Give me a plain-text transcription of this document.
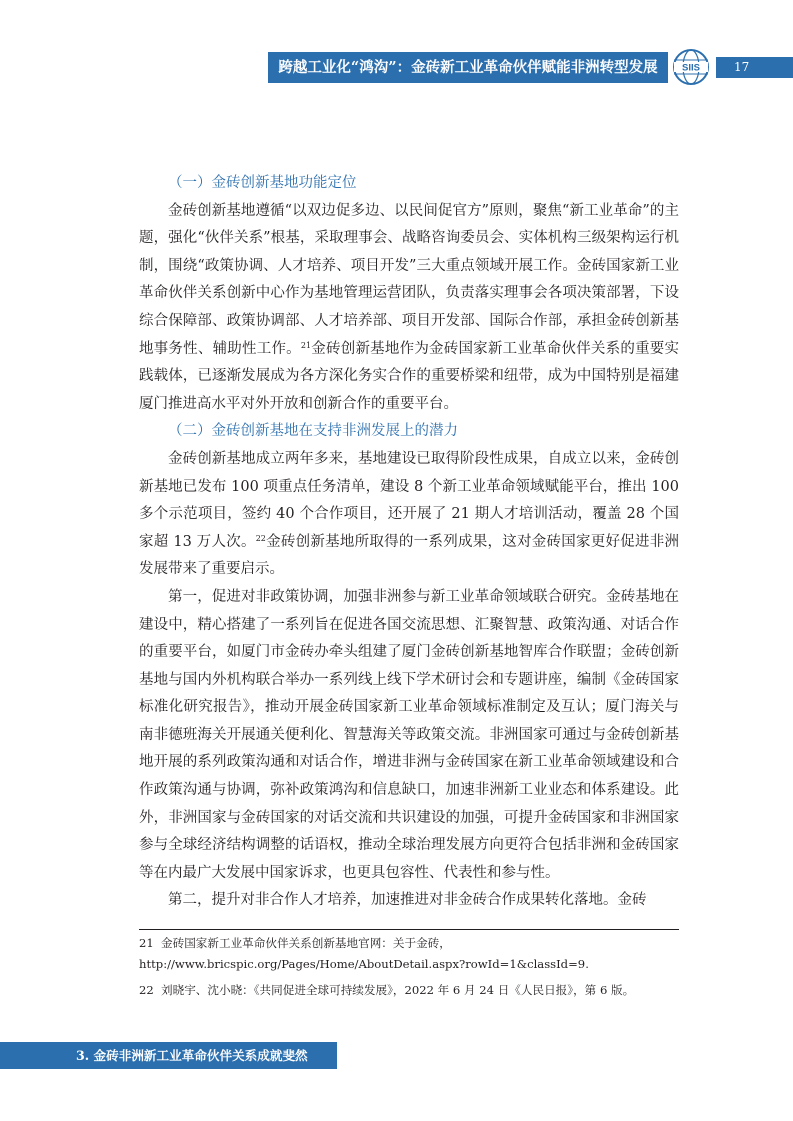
跨越工业化“鸿沟”：金砖新工业革命伙伴赋能非洲转型发展	SIIS	17

（一）金砖创新基地功能定位

金砖创新基地遵循“以双边促多边、以民间促官方”原则，聚焦“新工业革命”的主题，强化“伙伴关系”根基，采取理事会、战略咨询委员会、实体机构三级架构运行机制，围绕“政策协调、人才培养、项目开发”三大重点领域开展工作。金砖国家新工业革命伙伴关系创新中心作为基地管理运营团队，负责落实理事会各项决策部署，下设综合保障部、政策协调部、人才培养部、项目开发部、国际合作部，承担金砖创新基地事务性、辅助性工作。$^{21}$金砖创新基地作为金砖国家新工业革命伙伴关系的重要实践载体，已逐渐发展成为各方深化务实合作的重要桥梁和纽带，成为中国特别是福建厦门推进高水平对外开放和创新合作的重要平台。

（二）金砖创新基地在支持非洲发展上的潜力

金砖创新基地成立两年多来，基地建设已取得阶段性成果，自成立以来，金砖创新基地已发布 100 项重点任务清单，建设 8 个新工业革命领域赋能平台，推出 100 多个示范项目，签约 40 个合作项目，还开展了 21 期人才培训活动，覆盖 28 个国家超 13 万人次。$^{22}$金砖创新基地所取得的一系列成果，这对金砖国家更好促进非洲发展带来了重要启示。

第一，促进对非政策协调，加强非洲参与新工业革命领域联合研究。金砖基地在建设中，精心搭建了一系列旨在促进各国交流思想、汇聚智慧、政策沟通、对话合作的重要平台，如厦门市金砖办牵头组建了厦门金砖创新基地智库合作联盟；金砖创新基地与国内外机构联合举办一系列线上线下学术研讨会和专题讲座，编制《金砖国家标准化研究报告》，推动开展金砖国家新工业革命领域标准制定及互认；厦门海关与南非德班海关开展通关便利化、智慧海关等政策交流。非洲国家可通过与金砖创新基地开展的系列政策沟通和对话合作，增进非洲与金砖国家在新工业革命领域建设和合作政策沟通与协调，弥补政策鸿沟和信息缺口，加速非洲新工业业态和体系建设。此外，非洲国家与金砖国家的对话交流和共识建设的加强，可提升金砖国家和非洲国家参与全球经济结构调整的话语权，推动全球治理发展方向更符合包括非洲和金砖国家等在内最广大发展中国家诉求，也更具包容性、代表性和参与性。

第二，提升对非合作人才培养，加速推进对非金砖合作成果转化落地。金砖

21 金砖国家新工业革命伙伴关系创新基地官网：关于金砖，http://www.bricspic.org/Pages/Home/AboutDetail.aspx?rowId=1&classId=9.
22 刘晓宇、沈小晓：《共同促进全球可持续发展》，2022 年 6 月 24 日《人民日报》，第 6 版。
3. 金砖非洲新工业革命伙伴关系成就斐然
